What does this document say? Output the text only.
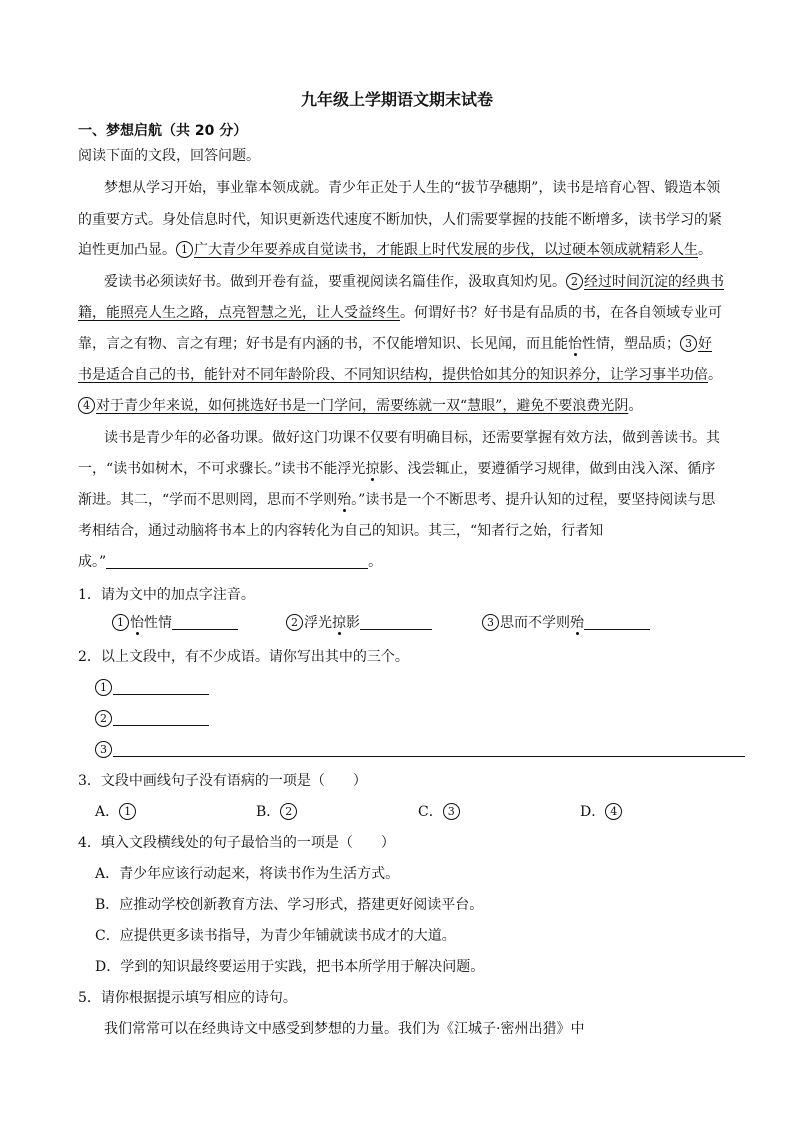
九年级上学期语文期末试卷
一、梦想启航（共 20 分）
阅读下面的文段，回答问题。
梦想从学习开始，事业靠本领成就。青少年正处于人生的“拔节孕穗期”，读书是培育心智、锻造本领
的重要方式。身处信息时代，知识更新迭代速度不断加快，人们需要掌握的技能不断增多，读书学习的紧
迫性更加凸显。 1 广大青少年要养成自觉读书，才能跟上时代发展的步伐，以过硬本领成就精彩人生。
爱读书必须读好书。做到开卷有益，要重视阅读名篇佳作，汲取真知灼见。 2 经过时间沉淀的经典书
籍，能照亮人生之路，点亮智慧之光，让人受益终生。何谓好书？好书是有品质的书，在各自领域专业可
靠，言之有物、言之有理；好书是有内涵的书，不仅能增知识、长见闻，而且能怡性情，塑品质； 3 好
书是适合自己的书，能针对不同年龄阶段、不同知识结构，提供恰如其分的知识养分，让学习事半功倍。
4 对于青少年来说，如何挑选好书是一门学问，需要练就一双“慧眼”，避免不要浪费光阴。
读书是青少年的必备功课。做好这门功课不仅要有明确目标，还需要掌握有效方法，做到善读书。其
一，“读书如树木，不可求骤长。”读书不能浮光掠影、浅尝辄止，要遵循学习规律，做到由浅入深、循序
渐进。其二，“学而不思则罔，思而不学则殆。”读书是一个不断思考、提升认知的过程，要坚持阅读与思
考相结合，通过动脑将书本上的内容转化为自己的知识。其三，“知者行之始，行者知
成。”	。
1．请为文中的加点字注音。
1 怡性情	2 浮光掠影	3 思而不学则殆
2．以上文段中，有不少成语。请你写出其中的三个。
1
2
3
3．文段中画线句子没有语病的一项是（　　）
A． 1	B． 2	C． 3	D． 4
4．填入文段横线处的句子最恰当的一项是（　　）
A．青少年应该行动起来，将读书作为生活方式。
B．应推动学校创新教育方法、学习形式，搭建更好阅读平台。
C．应提供更多读书指导，为青少年铺就读书成才的大道。
D．学到的知识最终要运用于实践，把书本所学用于解决问题。
5．请你根据提示填写相应的诗句。
我们常常可以在经典诗文中感受到梦想的力量。我们为《江城子·密州出猎》中
